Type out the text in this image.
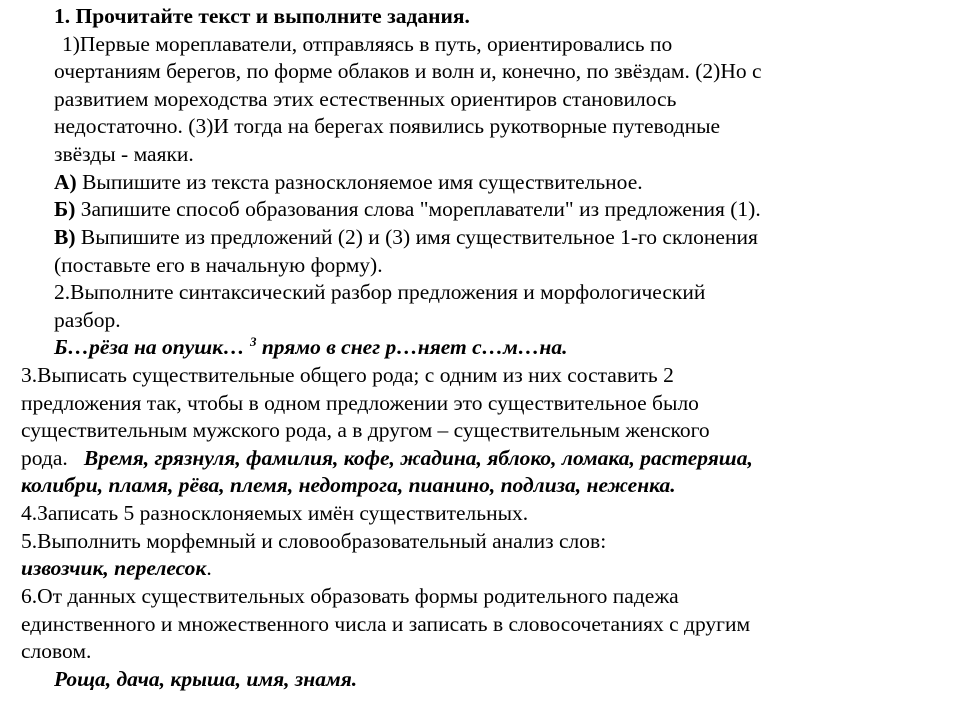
1. Прочитайте текст и выполните задания.
1)Первые мореплаватели, отправляясь в путь, ориентировались по
очертаниям берегов, по форме облаков и волн и, конечно, по звёздам. (2)Но с
развитием мореходства этих естественных ориентиров становилось
недостаточно. (3)И тогда на берегах появились рукотворные путеводные
звёзды - маяки.
А) Выпишите из текста разносклоняемое имя существительное.
Б) Запишите способ образования слова "мореплаватели" из предложения (1).
В) Выпишите из предложений (2) и (3) имя существительное 1-го склонения
(поставьте его в начальную форму).
2.Выполните синтаксический разбор предложения и морфологический
разбор.
Б…рёза на опушк… $^3$ прямо в снег р…няет с…м…на.
3.Выписать существительные общего рода; с одним из них составить 2
предложения так, чтобы в одном предложении это существительное было
существительным мужского рода, а в другом – существительным женского
рода.   Время, грязнуля, фамилия, кофе, жадина, яблоко, ломака, растеряша,
колибри, пламя, рёва, племя, недотрога, пианино, подлиза, неженка.
4.Записать 5 разносклоняемых имён существительных.
5.Выполнить морфемный и словообразовательный анализ слов:
извозчик, перелесок.
6.От данных существительных образовать формы родительного падежа
единственного и множественного числа и записать в словосочетаниях с другим
словом.
Роща, дача, крыша, имя, знамя.
